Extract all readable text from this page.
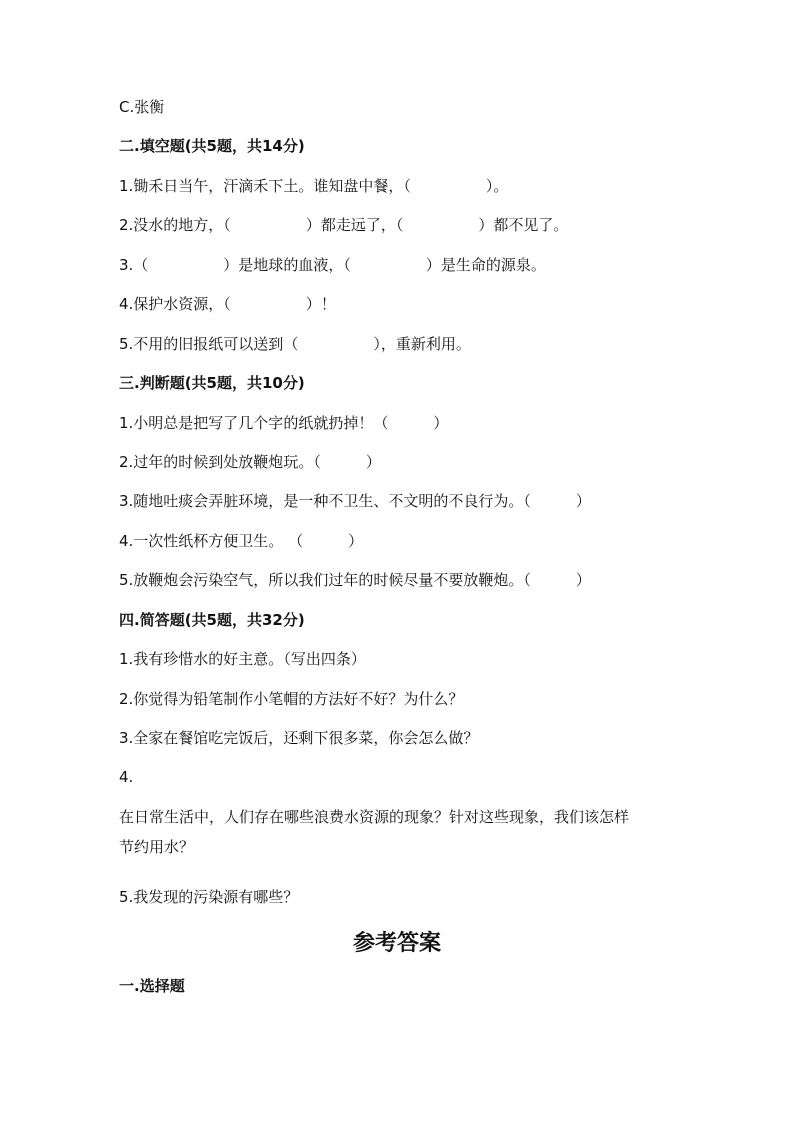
C.张衡
二.填空题(共5题，共14分)
1.锄禾日当午，汗滴禾下土。谁知盘中餐，（　　　　　）。
2.没水的地方，（　　　　　）都走远了，（　　　　　）都不见了。
3.（　　　　　）是地球的血液，（　　　　　）是生命的源泉。
4.保护水资源，（　　　　　）！
5.不用的旧报纸可以送到（　　　　　），重新利用。
三.判断题(共5题，共10分)
1.小明总是把写了几个字的纸就扔掉！（　　　）
2.过年的时候到处放鞭炮玩。（　　　）
3.随地吐痰会弄脏环境，是一种不卫生、不文明的不良行为。（　　　）
4.一次性纸杯方便卫生。 （　　　）
5.放鞭炮会污染空气，所以我们过年的时候尽量不要放鞭炮。（　　　）
四.简答题(共5题，共32分)
1.我有珍惜水的好主意。（写出四条）
2.你觉得为铅笔制作小笔帽的方法好不好？为什么？
3.全家在餐馆吃完饭后，还剩下很多菜，你会怎么做？
4.
在日常生活中，人们存在哪些浪费水资源的现象？针对这些现象，我们该怎样
节约用水？
5.我发现的污染源有哪些？
参考答案
一.选择题
